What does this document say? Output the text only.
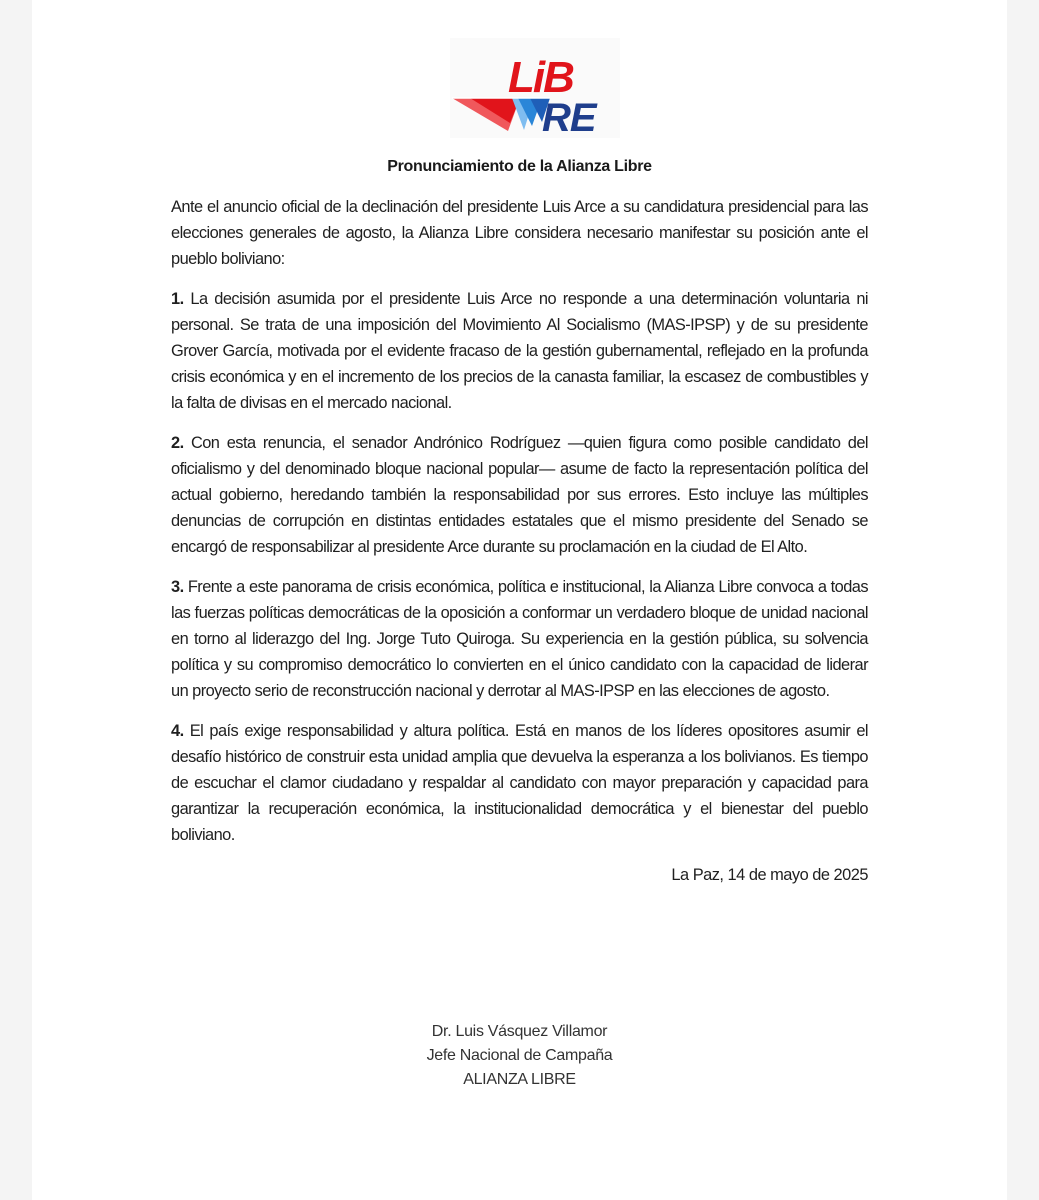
LiB
RE
Pronunciamiento de la Alianza Libre

Ante el anuncio oficial de la declinación del presidente Luis Arce a su candidatura presidencial para las elecciones generales de agosto, la Alianza Libre considera necesario manifestar su posición ante el pueblo boliviano:

1. La decisión asumida por el presidente Luis Arce no responde a una determinación voluntaria ni personal. Se trata de una imposición del Movimiento Al Socialismo (MAS-IPSP) y de su presidente Grover García, motivada por el evidente fracaso de la gestión gubernamental, reflejado en la profunda crisis económica y en el incremento de los precios de la canasta familiar, la escasez de combustibles y la falta de divisas en el mercado nacional.

2. Con esta renuncia, el senador Andrónico Rodríguez —quien figura como posible candidato del oficialismo y del denominado bloque nacional popular— asume de facto la representación política del actual gobierno, heredando también la responsabilidad por sus errores. Esto incluye las múltiples denuncias de corrupción en distintas entidades estatales que el mismo presidente del Senado se encargó de responsabilizar al presidente Arce durante su proclamación en la ciudad de El Alto.

3. Frente a este panorama de crisis económica, política e institucional, la Alianza Libre convoca a todas las fuerzas políticas democráticas de la oposición a conformar un verdadero bloque de unidad nacional en torno al liderazgo del Ing. Jorge Tuto Quiroga. Su experiencia en la gestión pública, su solvencia política y su compromiso democrático lo convierten en el único candidato con la capacidad de liderar un proyecto serio de reconstrucción nacional y derrotar al MAS-IPSP en las elecciones de agosto.

4. El país exige responsabilidad y altura política. Está en manos de los líderes opositores asumir el desafío histórico de construir esta unidad amplia que devuelva la esperanza a los bolivianos. Es tiempo de escuchar el clamor ciudadano y respaldar al candidato con mayor preparación y capacidad para garantizar la recuperación económica, la institucionalidad democrática y el bienestar del pueblo boliviano.

La Paz, 14 de mayo de 2025
Dr. Luis Vásquez Villamor
Jefe Nacional de Campaña
ALIANZA LIBRE
